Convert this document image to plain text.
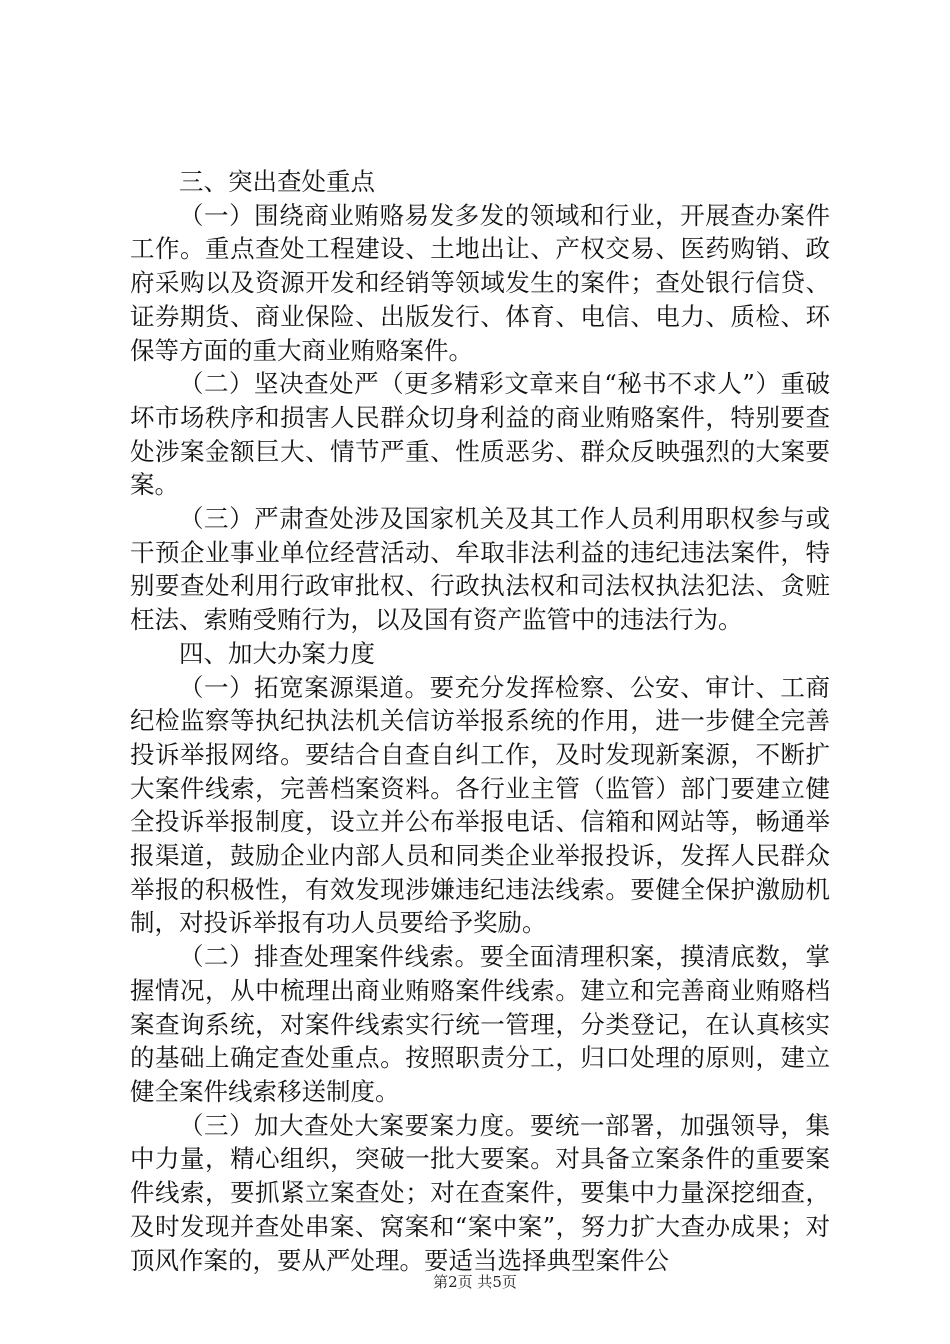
三、突出查处重点

（一）围绕商业贿赂易发多发的领域和行业，开展查办案件工作。重点查处工程建设、土地出让、产权交易、医药购销、政府采购以及资源开发和经销等领域发生的案件；查处银行信贷、证券期货、商业保险、出版发行、体育、电信、电力、质检、环保等方面的重大商业贿赂案件。

（二）坚决查处严（更多精彩文章来自“秘书不求人”）重破坏市场秩序和损害人民群众切身利益的商业贿赂案件，特别要查处涉案金额巨大、情节严重、性质恶劣、群众反映强烈的大案要案。

（三）严肃查处涉及国家机关及其工作人员利用职权参与或干预企业事业单位经营活动、牟取非法利益的违纪违法案件，特别要查处利用行政审批权、行政执法权和司法权执法犯法、贪赃枉法、索贿受贿行为，以及国有资产监管中的违法行为。

四、加大办案力度

（一）拓宽案源渠道。要充分发挥检察、公安、审计、工商纪检监察等执纪执法机关信访举报系统的作用，进一步健全完善投诉举报网络。要结合自查自纠工作，及时发现新案源，不断扩大案件线索，完善档案资料。各行业主管（监管）部门要建立健全投诉举报制度，设立并公布举报电话、信箱和网站等，畅通举报渠道，鼓励企业内部人员和同类企业举报投诉，发挥人民群众举报的积极性，有效发现涉嫌违纪违法线索。要健全保护激励机制，对投诉举报有功人员要给予奖励。

（二）排查处理案件线索。要全面清理积案，摸清底数，掌握情况，从中梳理出商业贿赂案件线索。建立和完善商业贿赂档案查询系统，对案件线索实行统一管理，分类登记，在认真核实的基础上确定查处重点。按照职责分工，归口处理的原则，建立健全案件线索移送制度。

（三）加大查处大案要案力度。要统一部署，加强领导，集中力量，精心组织，突破一批大要案。对具备立案条件的重要案件线索，要抓紧立案查处；对在查案件，要集中力量深挖细查，及时发现并查处串案、窝案和“案中案”，努力扩大查办成果；对顶风作案的，要从严处理。要适当选择典型案件公

第2页 共5页
